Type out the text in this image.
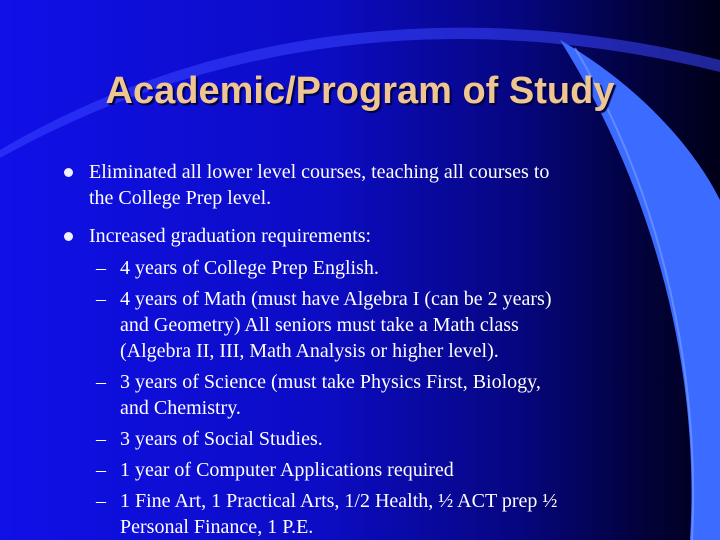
Academic/Program of Study

Eliminated all lower level courses, teaching all courses to

the College Prep level.

Increased graduation requirements:

– 4 years of College Prep English.

– 4 years of Math (must have Algebra I (can be 2 years)

and Geometry) All seniors must take a Math class

(Algebra II, III, Math Analysis or higher level).

– 3 years of Science (must take Physics First, Biology,

and Chemistry.

– 3 years of Social Studies.

– 1 year of Computer Applications required

– 1 Fine Art, 1 Practical Arts, 1/2 Health, ½ ACT prep ½

Personal Finance, 1 P.E.
